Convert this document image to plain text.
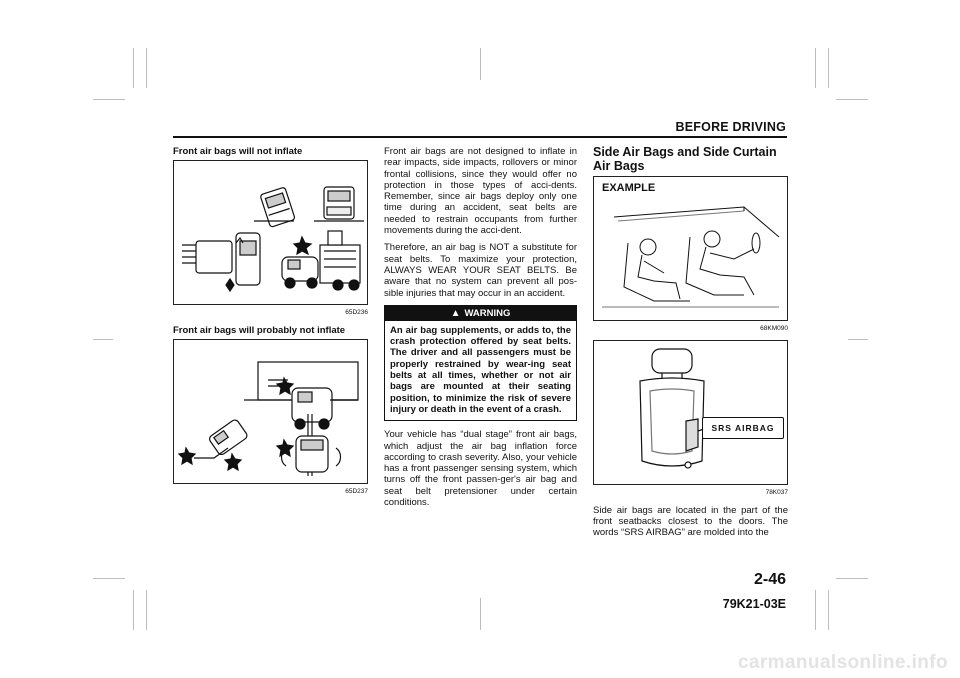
BEFORE DRIVING
Front air bags will not inflate
65D236
Front air bags will probably not inflate
65D237

Front air bags are not designed to inflate in rear impacts, side impacts, rollovers or minor frontal collisions, since they would offer no protection in those types of acci-dents. Remember, since air bags deploy only one time during an accident, seat belts are needed to restrain occupants from further movements during the acci-dent.

Therefore, an air bag is NOT a substitute for seat belts. To maximize your protection, ALWAYS WEAR YOUR SEAT BELTS. Be aware that no system can prevent all pos-sible injuries that may occur in an accident.

▲ WARNING
An air bag supplements, or adds to, the crash protection offered by seat belts. The driver and all passengers must be properly restrained by wear-ing seat belts at all times, whether or not air bags are mounted at their seating position, to minimize the risk of severe injury or death in the event of a crash.

Your vehicle has “dual stage” front air bags, which adjust the air bag inflation force according to crash severity. Also, your vehicle has a front passenger sensing system, which turns off the front passen-ger's air bag and seat belt pretensioner under certain conditions.

Side Air Bags and Side Curtain Air Bags
EXAMPLE
68KM090
SRS AIRBAG
78K037

Side air bags are located in the part of the front seatbacks closest to the doors. The words “SRS AIRBAG” are molded into the

2-46
79K21-03E
carmanualsonline.info
